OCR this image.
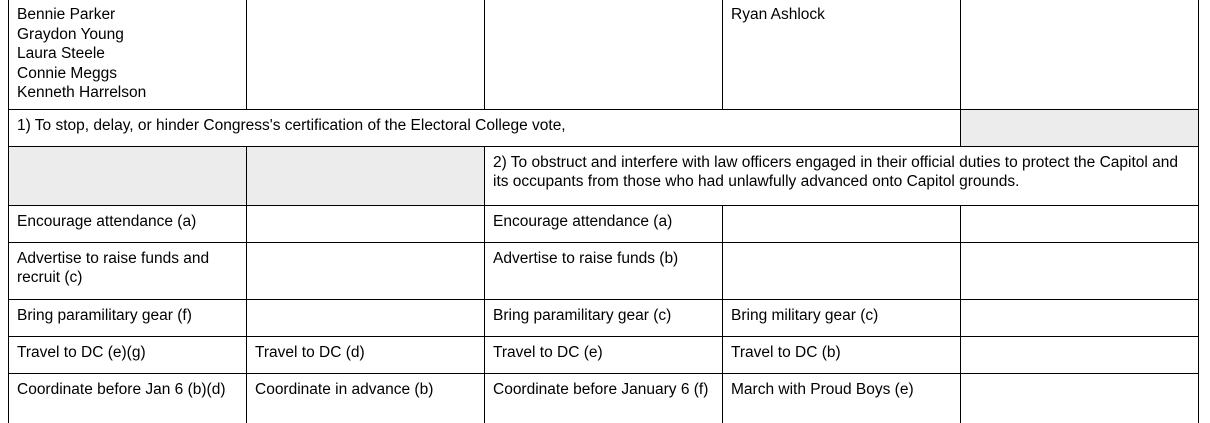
Bennie Parker
Graydon Young
Laura Steele
Connie Meggs
Kenneth Harrelson			Ryan Ashlock	

1) To stop, delay, or hinder Congress's certification of the Electoral College vote,				
		2) To obstruct and interfere with law officers engaged in their official duties to protect the Capitol and its occupants from those who had unlawfully advanced onto Capitol grounds.		
Encourage attendance (a)		Encourage attendance (a)		
Advertise to raise funds and recruit (c)		Advertise to raise funds (b)		
Bring paramilitary gear (f)		Bring paramilitary gear (c)	Bring military gear (c)	
Travel to DC (e)(g)	Travel to DC (d)	Travel to DC (e)	Travel to DC (b)	
Coordinate before Jan 6 (b)(d)	Coordinate in advance (b)	Coordinate before January 6 (f)	March with Proud Boys (e)	
